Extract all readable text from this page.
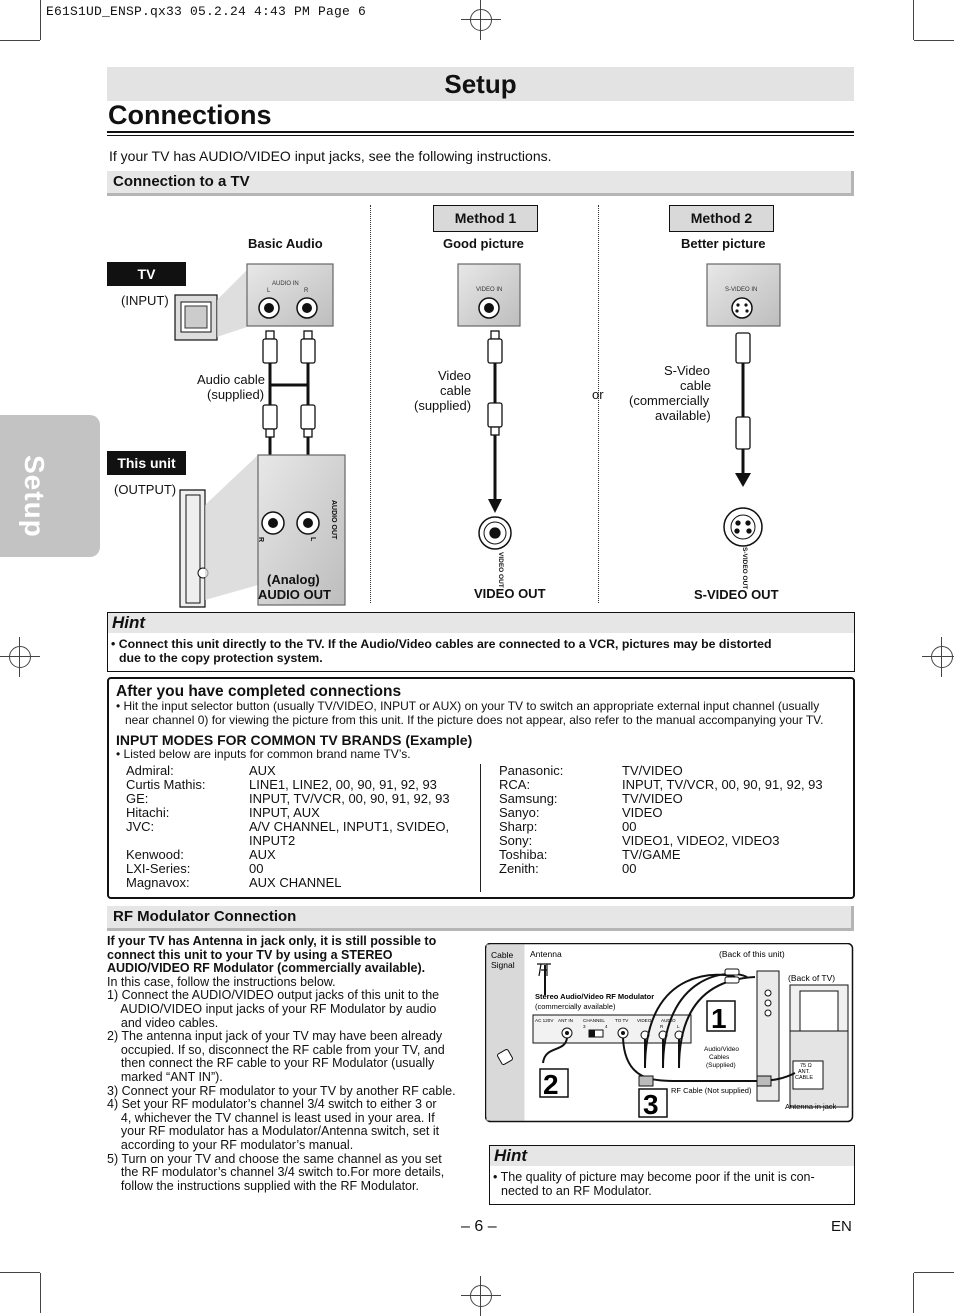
E61S1UD_ENSP.qx33 05.2.24 4:43 PM Page 6
Setup
Connections
If your TV has AUDIO/VIDEO input jacks, see the following instructions.
Setup
Connection to a TV
Method 1	Method 2
Basic Audio	Good picture	Better picture
TV
(INPUT)
This unit
(OUTPUT)
AUDIO IN
L	R
AUDIO OUT
R	L
VIDEO IN
VIDEO OUT
S-VIDEO IN
S-VIDEO OUT
Audio cable
(supplied)
Video
cable
(supplied)
or
S-Video
cable
(commercially
available)
(Analog)
AUDIO OUT	VIDEO OUT	S-VIDEO OUT
Hint
• Connect this unit directly to the TV. If the Audio/Video cables are connected to a VCR, pictures may be distorted
due to the copy protection system.
After you have completed connections
• Hit the input selector button (usually TV/VIDEO, INPUT or AUX) on your TV to switch an appropriate external input channel (usually
near channel 0) for viewing the picture from this unit. If the picture does not appear, also refer to the manual accompanying your TV.
INPUT MODES FOR COMMON TV BRANDS (Example)
• Listed below are inputs for common brand name TV’s.
Admiral:	AUX
Curtis Mathis:	LINE1, LINE2, 00, 90, 91, 92, 93
GE:	INPUT, TV/VCR, 00, 90, 91, 92, 93
Hitachi:	INPUT, AUX
JVC:	A/V CHANNEL, INPUT1, SVIDEO,
INPUT2
Kenwood:	AUX
LXI-Series:	00
Magnavox:	AUX CHANNEL
Panasonic:	TV/VIDEO
RCA:	INPUT, TV/VCR, 00, 90, 91, 92, 93
Samsung:	TV/VIDEO
Sanyo:	VIDEO
Sharp:	00
Sony:	VIDEO1, VIDEO2, VIDEO3
Toshiba:	TV/GAME
Zenith:	00
RF Modulator Connection
If your TV has Antenna in jack only, it is still possible to
connect this unit to your TV by using a STEREO
AUDIO/VIDEO RF Modulator (commercially available).
In this case, follow the instructions below.
1) Connect the AUDIO/VIDEO output jacks of this unit to the
AUDIO/VIDEO input jacks of your RF Modulator by audio
and video cables.
2) The antenna input jack of your TV may have been already
occupied. If so, disconnect the RF cable from your TV, and
then connect the RF cable to your RF Modulator (usually
marked “ANT IN”).
3) Connect your RF modulator to your TV by another RF cable.
4) Set your RF modulator’s channel 3/4 switch to either 3 or
4, whichever the TV channel is least used in your area. If
your RF modulator has a Modulator/Antenna switch, set it
according to your RF modulator’s manual.
5) Turn on your TV and choose the same channel as you set
the RF modulator’s channel 3/4 switch to.For more details,
follow the instructions supplied with the RF Modulator.
Cable
Signal
Antenna	(Back of this unit)
(Back of TV)
Stereo Audio/Video RF Modulator
(commercially available)
AC 120V ANT IN CHANNEL
3	4
TO TV VIDEO AUDIO
R	L
75 Ω
ANT.
CABLE
Audio/Video
Cables
(Supplied)
RF Cable (Not supplied)
Antenna in jack
1
2
3
Hint
• The quality of picture may become poor if the unit is con-
nected to an RF Modulator.
– 6 –	EN
